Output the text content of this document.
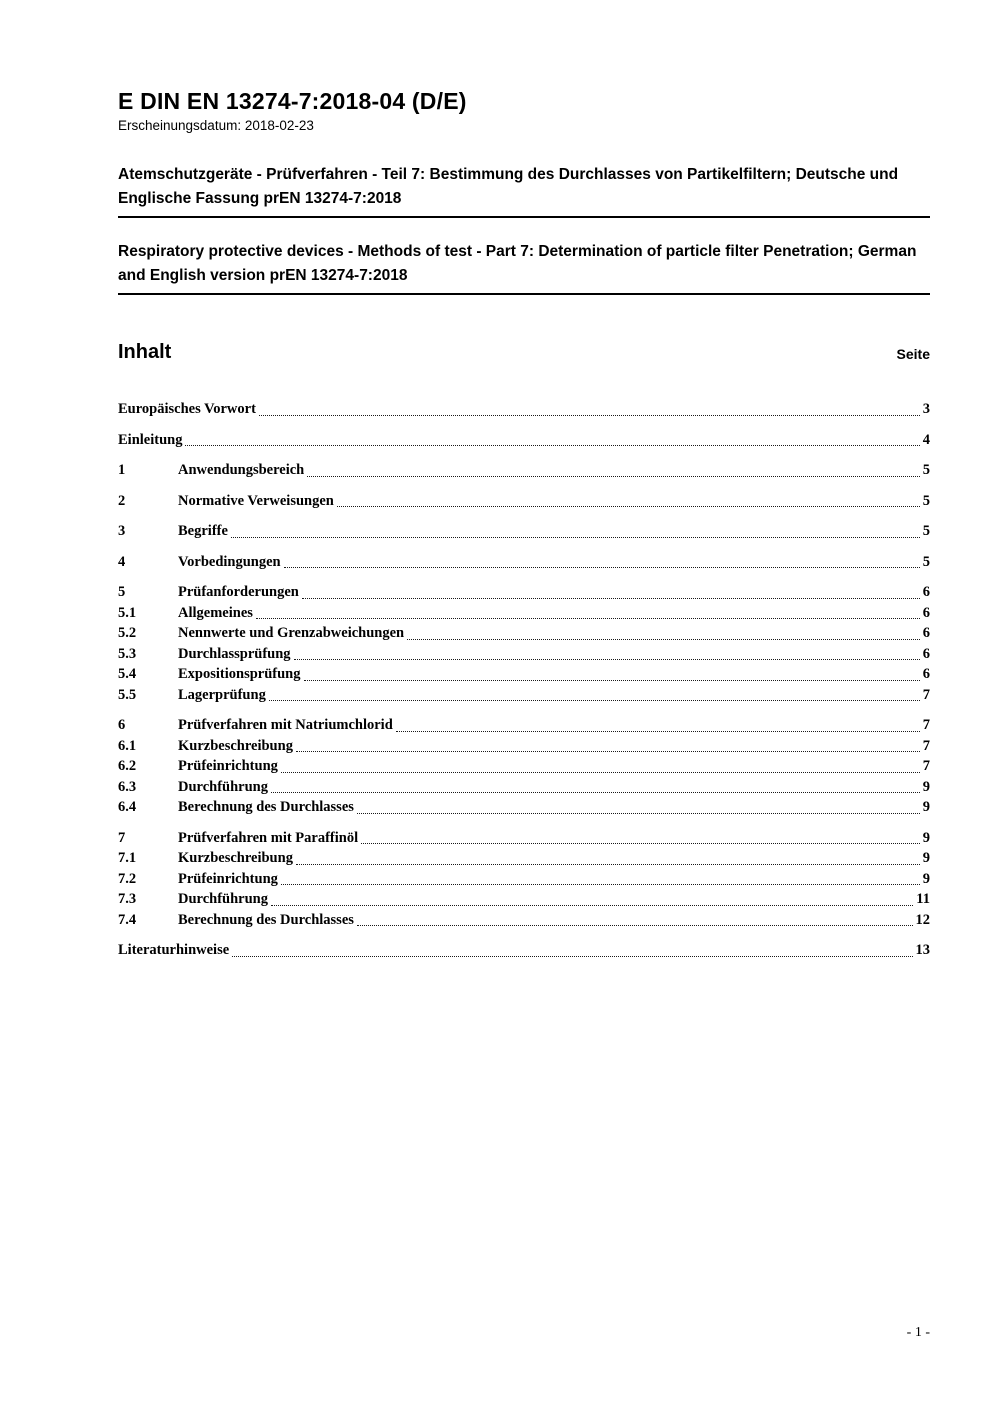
E DIN EN 13274-7:2018-04 (D/E)
Erscheinungsdatum: 2018-02-23
Atemschutzgeräte - Prüfverfahren - Teil 7: Bestimmung des Durchlasses von Partikelfiltern; Deutsche und Englische Fassung prEN 13274-7:2018
Respiratory protective devices - Methods of test - Part 7: Determination of particle filter Penetration; German and English version prEN 13274-7:2018
Inhalt	Seite
Europäisches Vorwort	3
Einleitung	4
1	Anwendungsbereich	5
2	Normative Verweisungen	5
3	Begriffe	5
4	Vorbedingungen	5
5	Prüfanforderungen	6
5.1	Allgemeines	6
5.2	Nennwerte und Grenzabweichungen	6
5.3	Durchlassprüfung	6
5.4	Expositionsprüfung	6
5.5	Lagerprüfung	7
6	Prüfverfahren mit Natriumchlorid	7
6.1	Kurzbeschreibung	7
6.2	Prüfeinrichtung	7
6.3	Durchführung	9
6.4	Berechnung des Durchlasses	9
7	Prüfverfahren mit Paraffinöl	9
7.1	Kurzbeschreibung	9
7.2	Prüfeinrichtung	9
7.3	Durchführung	11
7.4	Berechnung des Durchlasses	12
Literaturhinweise	13
- 1 -
